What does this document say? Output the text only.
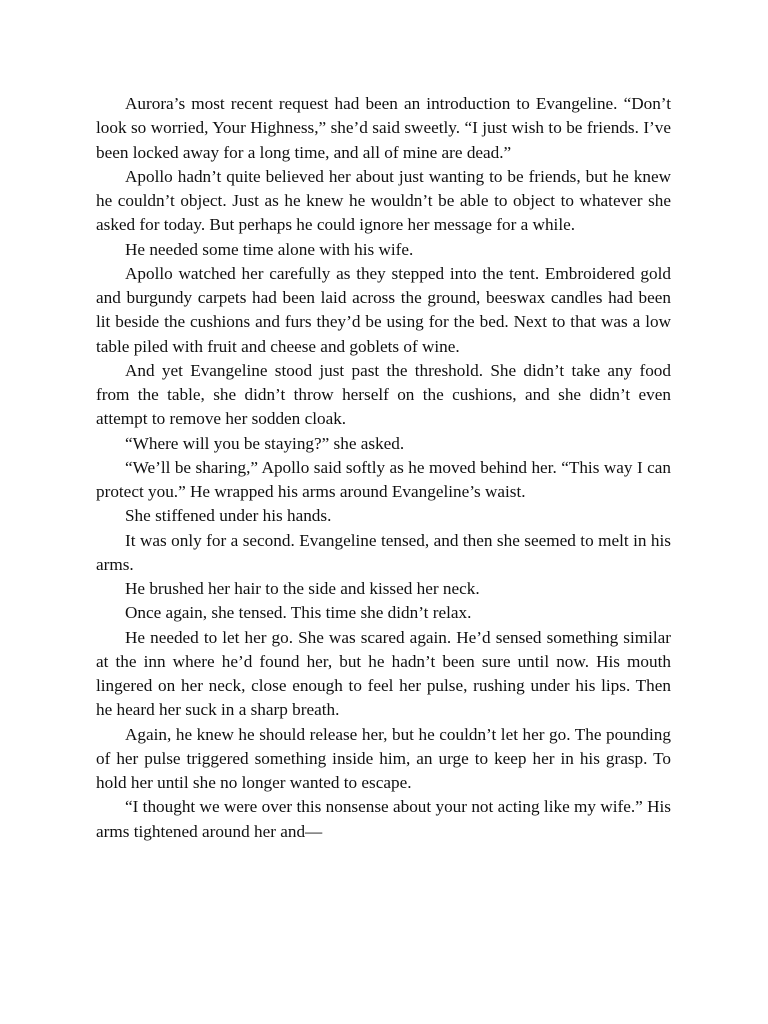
Aurora’s most recent request had been an introduction to Evangeline. “Don’t look so worried, Your Highness,” she’d said sweetly. “I just wish to be friends. I’ve been locked away for a long time, and all of mine are dead.”

Apollo hadn’t quite believed her about just wanting to be friends, but he knew he couldn’t object. Just as he knew he wouldn’t be able to object to whatever she asked for today. But perhaps he could ignore her message for a while.

He needed some time alone with his wife.

Apollo watched her carefully as they stepped into the tent. Embroidered gold and burgundy carpets had been laid across the ground, beeswax candles had been lit beside the cushions and furs they’d be using for the bed. Next to that was a low table piled with fruit and cheese and goblets of wine.

And yet Evangeline stood just past the threshold. She didn’t take any food from the table, she didn’t throw herself on the cushions, and she didn’t even attempt to remove her sodden cloak.

“Where will you be staying?” she asked.

“We’ll be sharing,” Apollo said softly as he moved behind her. “This way I can protect you.” He wrapped his arms around Evangeline’s waist.

She stiffened under his hands.

It was only for a second. Evangeline tensed, and then she seemed to melt in his arms.

He brushed her hair to the side and kissed her neck.

Once again, she tensed. This time she didn’t relax.

He needed to let her go. She was scared again. He’d sensed something similar at the inn where he’d found her, but he hadn’t been sure until now. His mouth lingered on her neck, close enough to feel her pulse, rushing under his lips. Then he heard her suck in a sharp breath.

Again, he knew he should release her, but he couldn’t let her go. The pounding of her pulse triggered something inside him, an urge to keep her in his grasp. To hold her until she no longer wanted to escape.

“I thought we were over this nonsense about your not acting like my wife.” His arms tightened around her and—
